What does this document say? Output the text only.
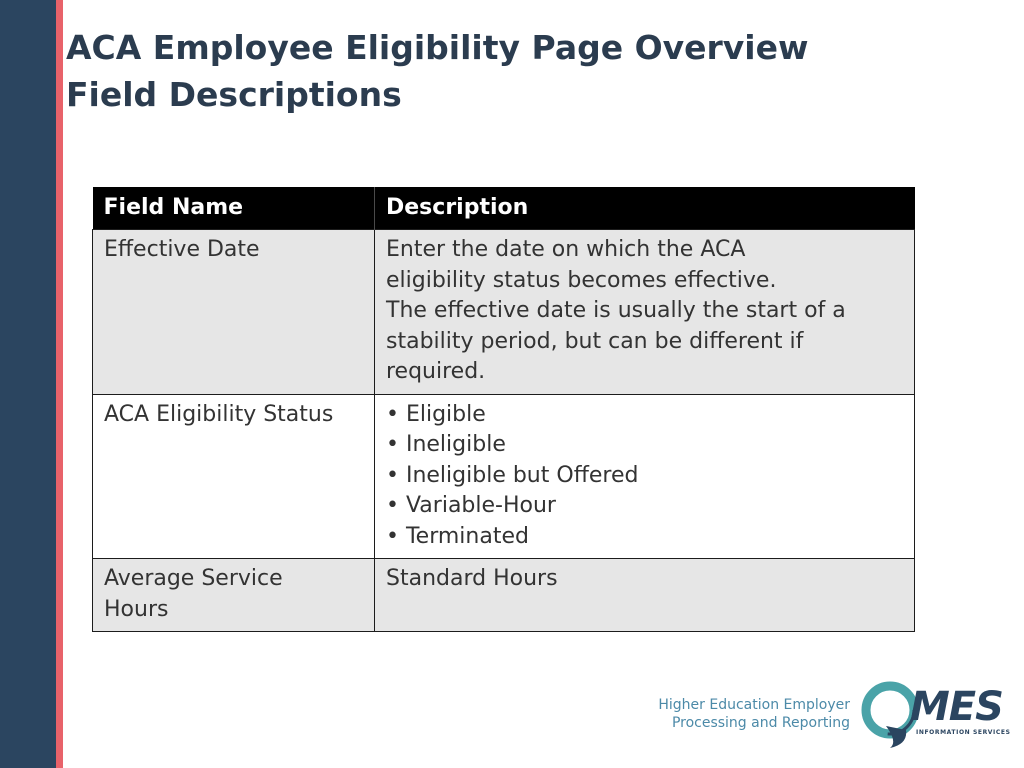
ACA Employee Eligibility Page Overview
Field Descriptions
Field Name	Description
Effective Date	Enter the date on which the ACA
eligibility status becomes effective.
The effective date is usually the start of a
stability period, but can be different if
required.

ACA Eligibility Status	• Eligible
• Ineligible
• Ineligible but Offered
• Variable-Hour
• Terminated

Average Service
Hours	Standard Hours
Higher Education Employer
Processing and Reporting MES
INFORMATION SERVICES
